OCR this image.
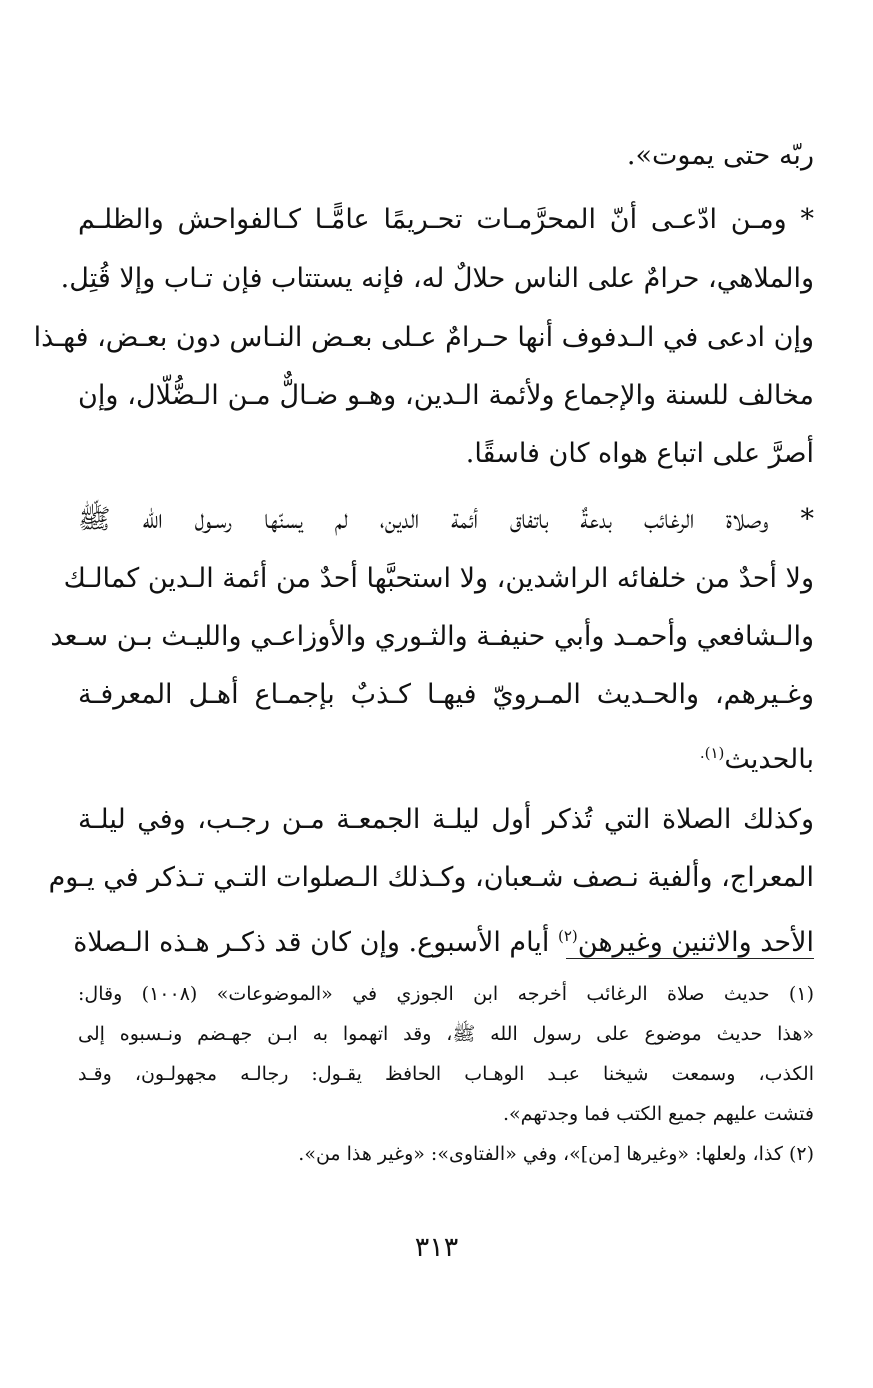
ربّه حتى يموت».
* ومـن ادّعـى أنّ المحرَّمـات تحـريمًا عامًّـا كـالفواحش والظلـم
والملاهي، حرامٌ على الناس حلالٌ له، فإنه يستتاب فإن تـاب وإلا قُتِل.
وإن ادعى في الـدفوف أنها حـرامٌ عـلى بعـض النـاس دون بعـض، فهـذا
مخالف للسنة والإجماع ولأئمة الـدين، وهـو ضـالٌّ مـن الـضُّلّال، وإن
أصرَّ على اتباع هواه كان فاسقًا.
* وصلاة الرغائب بدعةٌ باتفاق أئمة الدين، لم يسنّها رسـول الله ﷺ
ولا أحدٌ من خلفائه الراشدين، ولا استحبَّها أحدٌ من أئمة الـدين كمالـك
والـشافعي وأحمـد وأبي حنيفـة والثـوري والأوزاعـي والليـث بـن سـعد
وغـيرهم، والحـديث المـرويّ فيهـا كـذبٌ بإجمـاع أهـل المعرفـة
بالحديث$^{(١).}$
وكذلك الصلاة التي تُذكر أول ليلـة الجمعـة مـن رجـب، وفي ليلـة
المعراج، وألفية نـصف شـعبان، وكـذلك الـصلوات التـي تـذكر في يـوم
الأحد والاثنين وغيرهن$^{(٢)}$ أيام الأسبوع. وإن كان قد ذكـر هـذه الـصلاة
(١) حديث صلاة الرغائب أخرجه ابن الجوزي في «الموضوعات» (١٠٠٨) وقال:
«هذا حديث موضوع على رسول الله ﷺ، وقد اتهموا به ابـن جهـضم ونـسبوه إلى
الكذب، وسمعت شيخنا عبـد الوهـاب الحافظ يقـول: رجالـه مجهولـون، وقـد
فتشت عليهم جميع الكتب فما وجدتهم».
(٢) كذا، ولعلها: «وغيرها [من]»، وفي «الفتاوى»: «وغير هذا من».
٣١٣
